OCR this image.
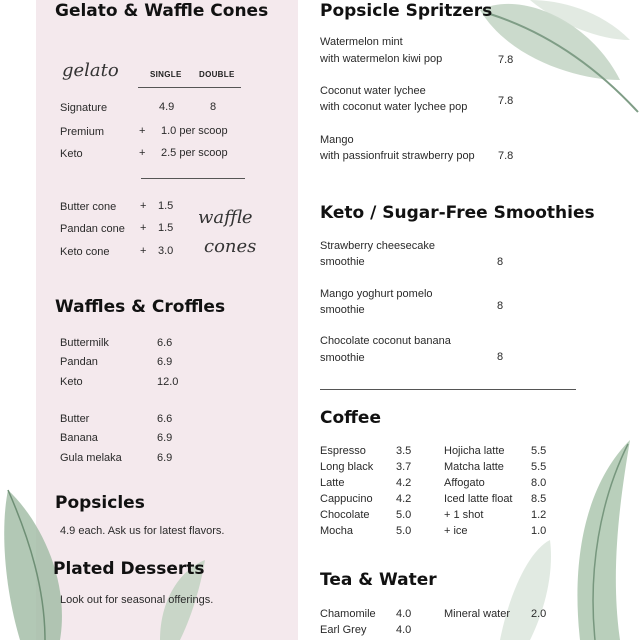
Gelato & Waffle Cones
gelato	SINGLE DOUBLE
Signature	4.9	8
Premium	+ 1.0 per scoop
Keto	+ 2.5 per scoop
Butter cone + 1.5
Pandan cone + 1.5
Keto cone	+ 3.0
waffle
cones
Waffles & Croffles
Buttermilk	6.6
Pandan	6.9
Keto	12.0
Butter	6.6
Banana	6.9
Gula melaka	6.9
Popsicles
4.9 each. Ask us for latest flavors.
Plated Desserts
Look out for seasonal offerings.
Popsicle Spritzers
Watermelon mint
with watermelon kiwi pop	7.8
Coconut water lychee
with coconut water lychee pop	7.8
Mango
with passionfruit strawberry pop 7.8
Keto / Sugar-Free Smoothies
Strawberry cheesecake
smoothie	8
Mango yoghurt pomelo
smoothie	8
Chocolate coconut banana
smoothie	8
Coffee
Espresso	3.5
Long black 3.7
Latte	4.2
Cappucino 4.2
Chocolate 5.0
Mocha	5.0
Hojicha latte 5.5
Matcha latte 5.5
Affogato	8.0
Iced latte float 8.5
+ 1 shot	1.2
+ ice	1.0
Tea & Water
Chamomile 4.0
Earl Grey	4.0
Mineral water 2.0
